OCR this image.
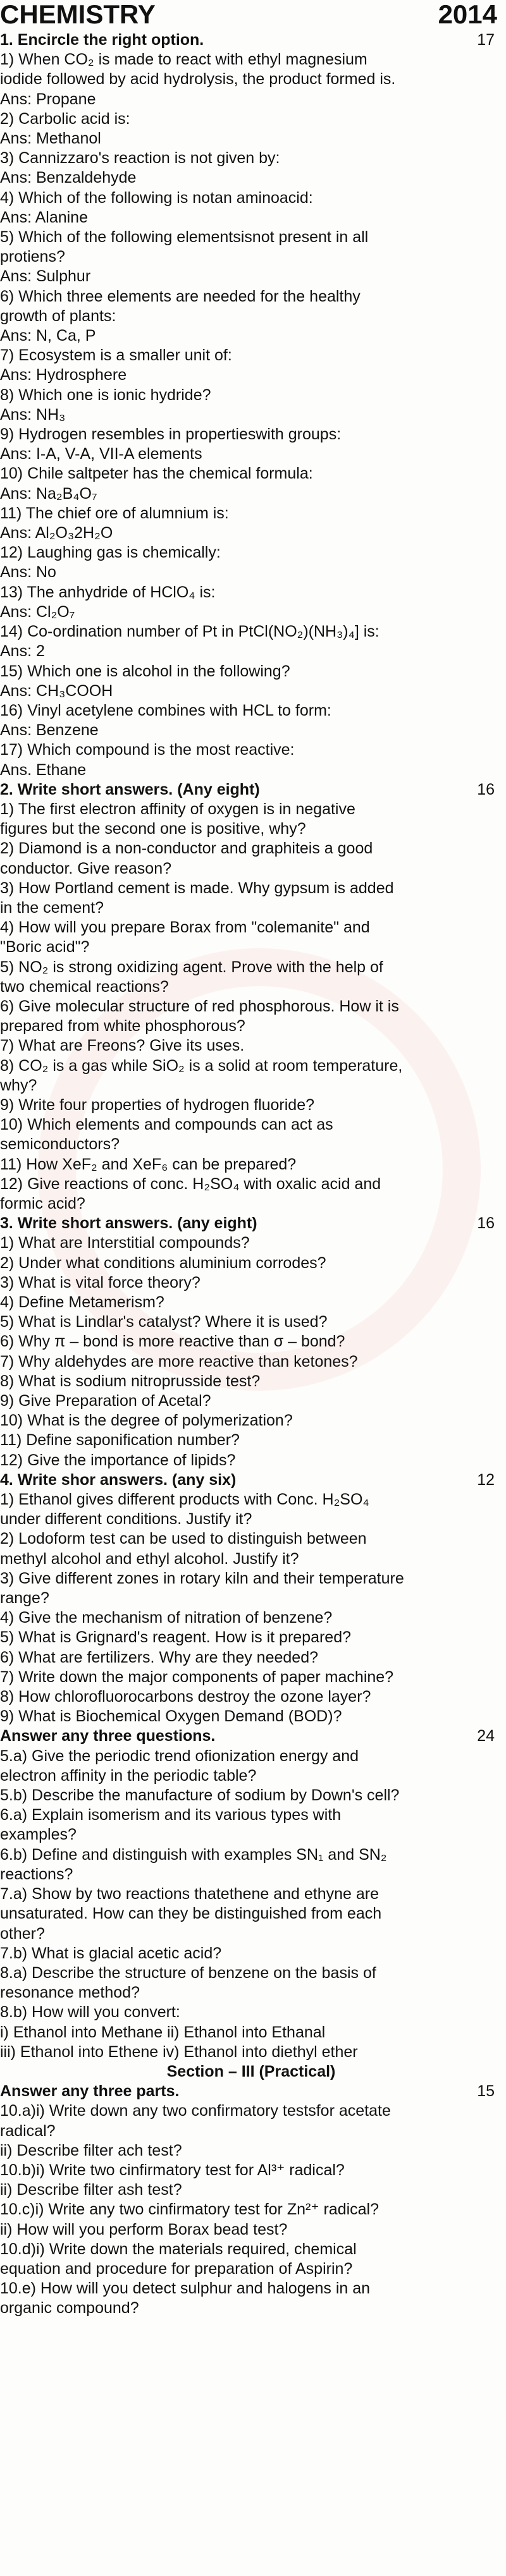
CHEMISTRY	2014
1. Encircle the right option.	17
1) When CO₂ is made to react with ethyl magnesium
iodide followed by acid hydrolysis, the product formed is.
Ans: Propane
2) Carbolic acid is:
Ans: Methanol
3) Cannizzaro's reaction is not given by:
Ans: Benzaldehyde
4) Which of the following is notan aminoacid:
Ans: Alanine
5) Which of the following elementsisnot present in all
protiens?
Ans: Sulphur
6) Which three elements are needed for the healthy
growth of plants:
Ans: N, Ca, P
7) Ecosystem is a smaller unit of:
Ans: Hydrosphere
8) Which one is ionic hydride?
Ans: NH₃
9) Hydrogen resembles in propertieswith groups:
Ans: I-A, V-A, VII-A elements
10) Chile saltpeter has the chemical formula:
Ans: Na₂B₄O₇
11) The chief ore of alumnium is:
Ans: Al₂O₃2H₂O
12) Laughing gas is chemically:
Ans: No
13) The anhydride of HClO₄ is:
Ans: Cl₂O₇
14) Co-ordination number of Pt in PtCl(NO₂)(NH₃)₄] is:
Ans: 2
15) Which one is alcohol in the following?
Ans: CH₃COOH
16) Vinyl acetylene combines with HCL to form:
Ans: Benzene
17) Which compound is the most reactive:
Ans. Ethane
2. Write short answers. (Any eight)	16
1) The first electron affinity of oxygen is in negative
figures but the second one is positive, why?
2) Diamond is a non-conductor and graphiteis a good
conductor. Give reason?
3) How Portland cement is made. Why gypsum is added
in the cement?
4) How will you prepare Borax from "colemanite" and
"Boric acid"?
5) NO₂ is strong oxidizing agent. Prove with the help of
two chemical reactions?
6) Give molecular structure of red phosphorous. How it is
prepared from white phosphorous?
7) What are Freons? Give its uses.
8) CO₂ is a gas while SiO₂ is a solid at room temperature,
why?
9) Write four properties of hydrogen fluoride?
10) Which elements and compounds can act as
semiconductors?
11) How XeF₂ and XeF₆ can be prepared?
12) Give reactions of conc. H₂SO₄ with oxalic acid and
formic acid?
3. Write short answers. (any eight)	16
1) What are Interstitial compounds?
2) Under what conditions aluminium corrodes?
3) What is vital force theory?
4) Define Metamerism?
5) What is Lindlar's catalyst? Where it is used?
6) Why π – bond is more reactive than σ – bond?
7) Why aldehydes are more reactive than ketones?
8) What is sodium nitroprusside test?
9) Give Preparation of Acetal?
10) What is the degree of polymerization?
11) Define saponification number?
12) Give the importance of lipids?
4. Write shor answers. (any six)	12
1) Ethanol gives different products with Conc. H₂SO₄
under different conditions. Justify it?
2) Lodoform test can be used to distinguish between
methyl alcohol and ethyl alcohol. Justify it?
3) Give different zones in rotary kiln and their temperature
range?
4) Give the mechanism of nitration of benzene?
5) What is Grignard's reagent. How is it prepared?
6) What are fertilizers. Why are they needed?
7) Write down the major components of paper machine?
8) How chlorofluorocarbons destroy the ozone layer?
9) What is Biochemical Oxygen Demand (BOD)?
Answer any three questions.	24
5.a) Give the periodic trend ofionization energy and
electron affinity in the periodic table?
5.b) Describe the manufacture of sodium by Down's cell?
6.a) Explain isomerism and its various types with
examples?
6.b) Define and distinguish with examples SN₁ and SN₂
reactions?
7.a) Show by two reactions thatethene and ethyne are
unsaturated. How can they be distinguished from each
other?
7.b) What is glacial acetic acid?
8.a) Describe the structure of benzene on the basis of
resonance method?
8.b) How will you convert:
i) Ethanol into Methane ii) Ethanol into Ethanal
iii) Ethanol into Ethene iv) Ethanol into diethyl ether
Section – III (Practical)
Answer any three parts.	15
10.a)i) Write down any two confirmatory testsfor acetate
radical?
ii) Describe filter ach test?
10.b)i) Write two cinfirmatory test for Al³⁺ radical?
ii) Describe filter ash test?
10.c)i) Write any two cinfirmatory test for Zn²⁺ radical?
ii) How will you perform Borax bead test?
10.d)i) Write down the materials required, chemical
equation and procedure for preparation of Aspirin?
10.e) How will you detect sulphur and halogens in an
organic compound?
